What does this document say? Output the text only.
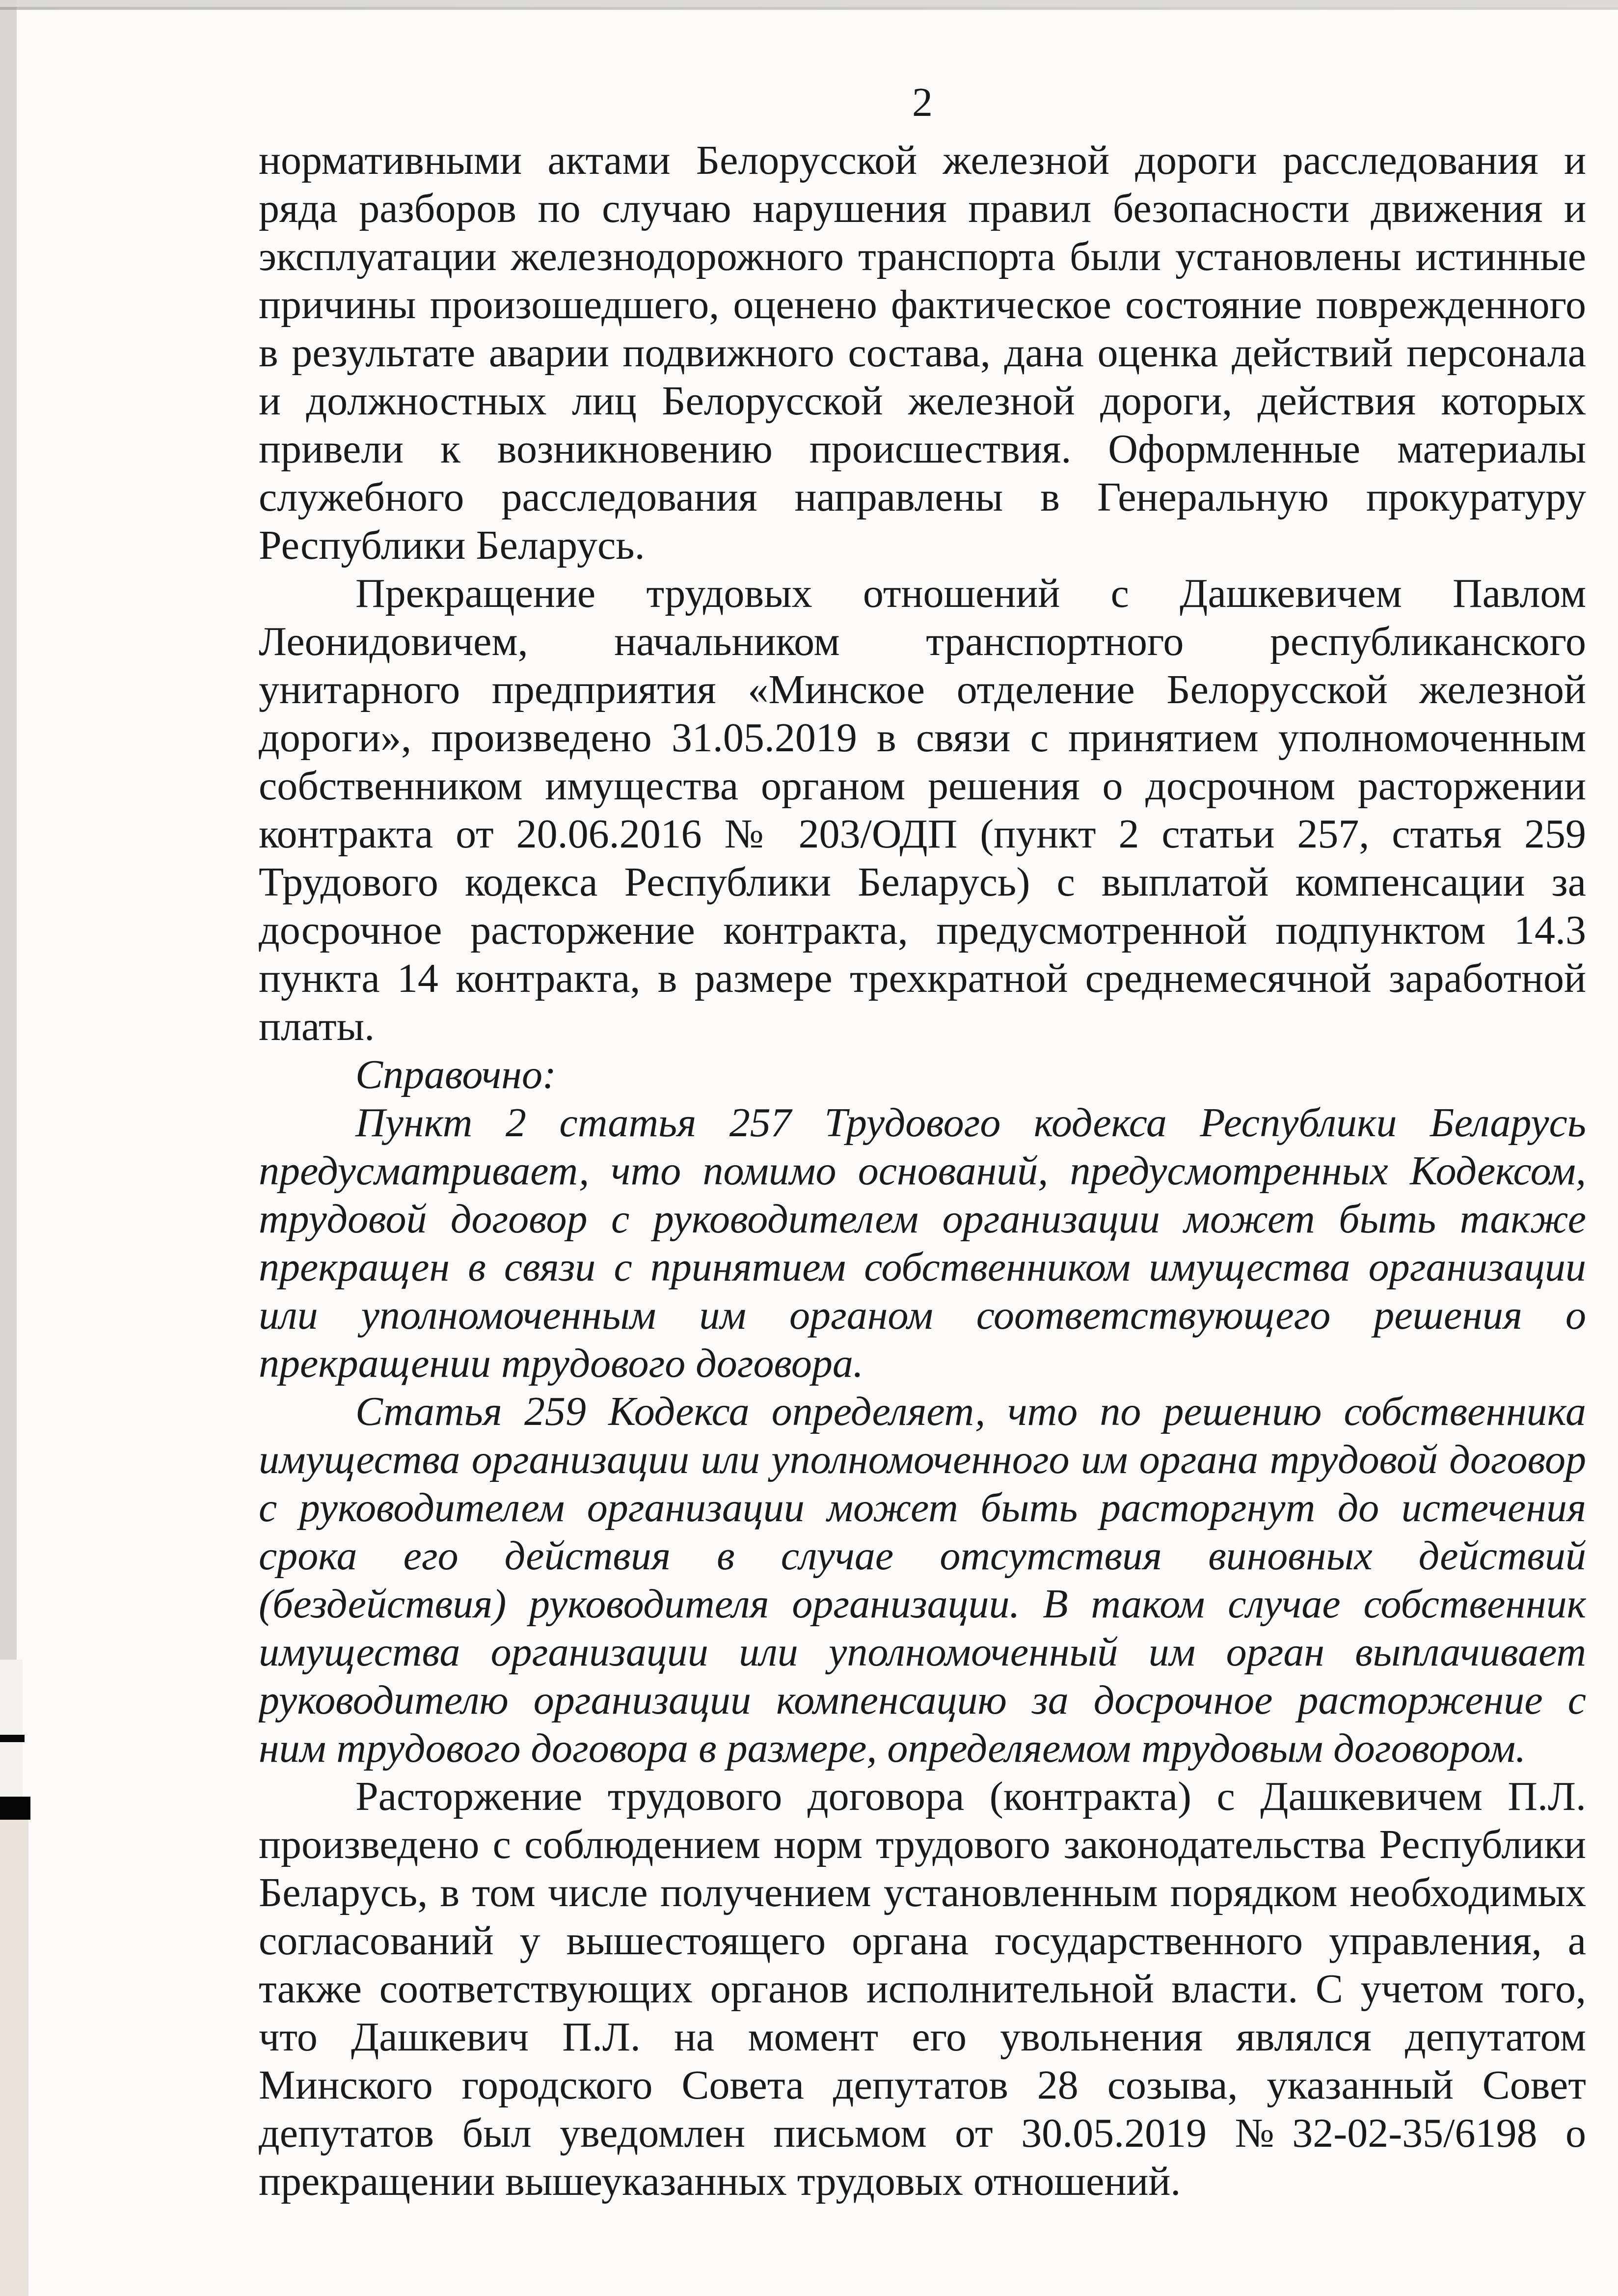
2
нормативными актами Белорусской железной дороги расследования и
ряда разборов по случаю нарушения правил безопасности движения и
эксплуатации железнодорожного транспорта были установлены истинные
причины произошедшего, оценено фактическое состояние поврежденного
в результате аварии подвижного состава, дана оценка действий персонала
и должностных лиц Белорусской железной дороги, действия которых
привели к возникновению происшествия. Оформленные материалы
служебного расследования направлены в Генеральную прокуратуру
Республики Беларусь.
Прекращение трудовых отношений с Дашкевичем Павлом
Леонидовичем, начальником транспортного республиканского
унитарного предприятия «Минское отделение Белорусской железной
дороги», произведено 31.05.2019 в связи с принятием уполномоченным
собственником имущества органом решения о досрочном расторжении
контракта от 20.06.2016 № 203/ОДП (пункт 2 статьи 257, статья 259
Трудового кодекса Республики Беларусь) с выплатой компенсации за
досрочное расторжение контракта, предусмотренной подпунктом 14.3
пункта 14 контракта, в размере трехкратной среднемесячной заработной
платы.
Справочно:
Пункт 2 статья 257 Трудового кодекса Республики Беларусь
предусматривает, что помимо оснований, предусмотренных Кодексом,
трудовой договор с руководителем организации может быть также
прекращен в связи с принятием собственником имущества организации
или уполномоченным им органом соответствующего решения о
прекращении трудового договора.
Статья 259 Кодекса определяет, что по решению собственника
имущества организации или уполномоченного им органа трудовой договор
с руководителем организации может быть расторгнут до истечения
срока его действия в случае отсутствия виновных действий
(бездействия) руководителя организации. В таком случае собственник
имущества организации или уполномоченный им орган выплачивает
руководителю организации компенсацию за досрочное расторжение с
ним трудового договора в размере, определяемом трудовым договором.
Расторжение трудового договора (контракта) с Дашкевичем П.Л.
произведено с соблюдением норм трудового законодательства Республики
Беларусь, в том числе получением установленным порядком необходимых
согласований у вышестоящего органа государственного управления, а
также соответствующих органов исполнительной власти. С учетом того,
что Дашкевич П.Л. на момент его увольнения являлся депутатом
Минского городского Совета депутатов 28 созыва, указанный Совет
депутатов был уведомлен письмом от 30.05.2019 №32-02-35/6198 о
прекращении вышеуказанных трудовых отношений.
